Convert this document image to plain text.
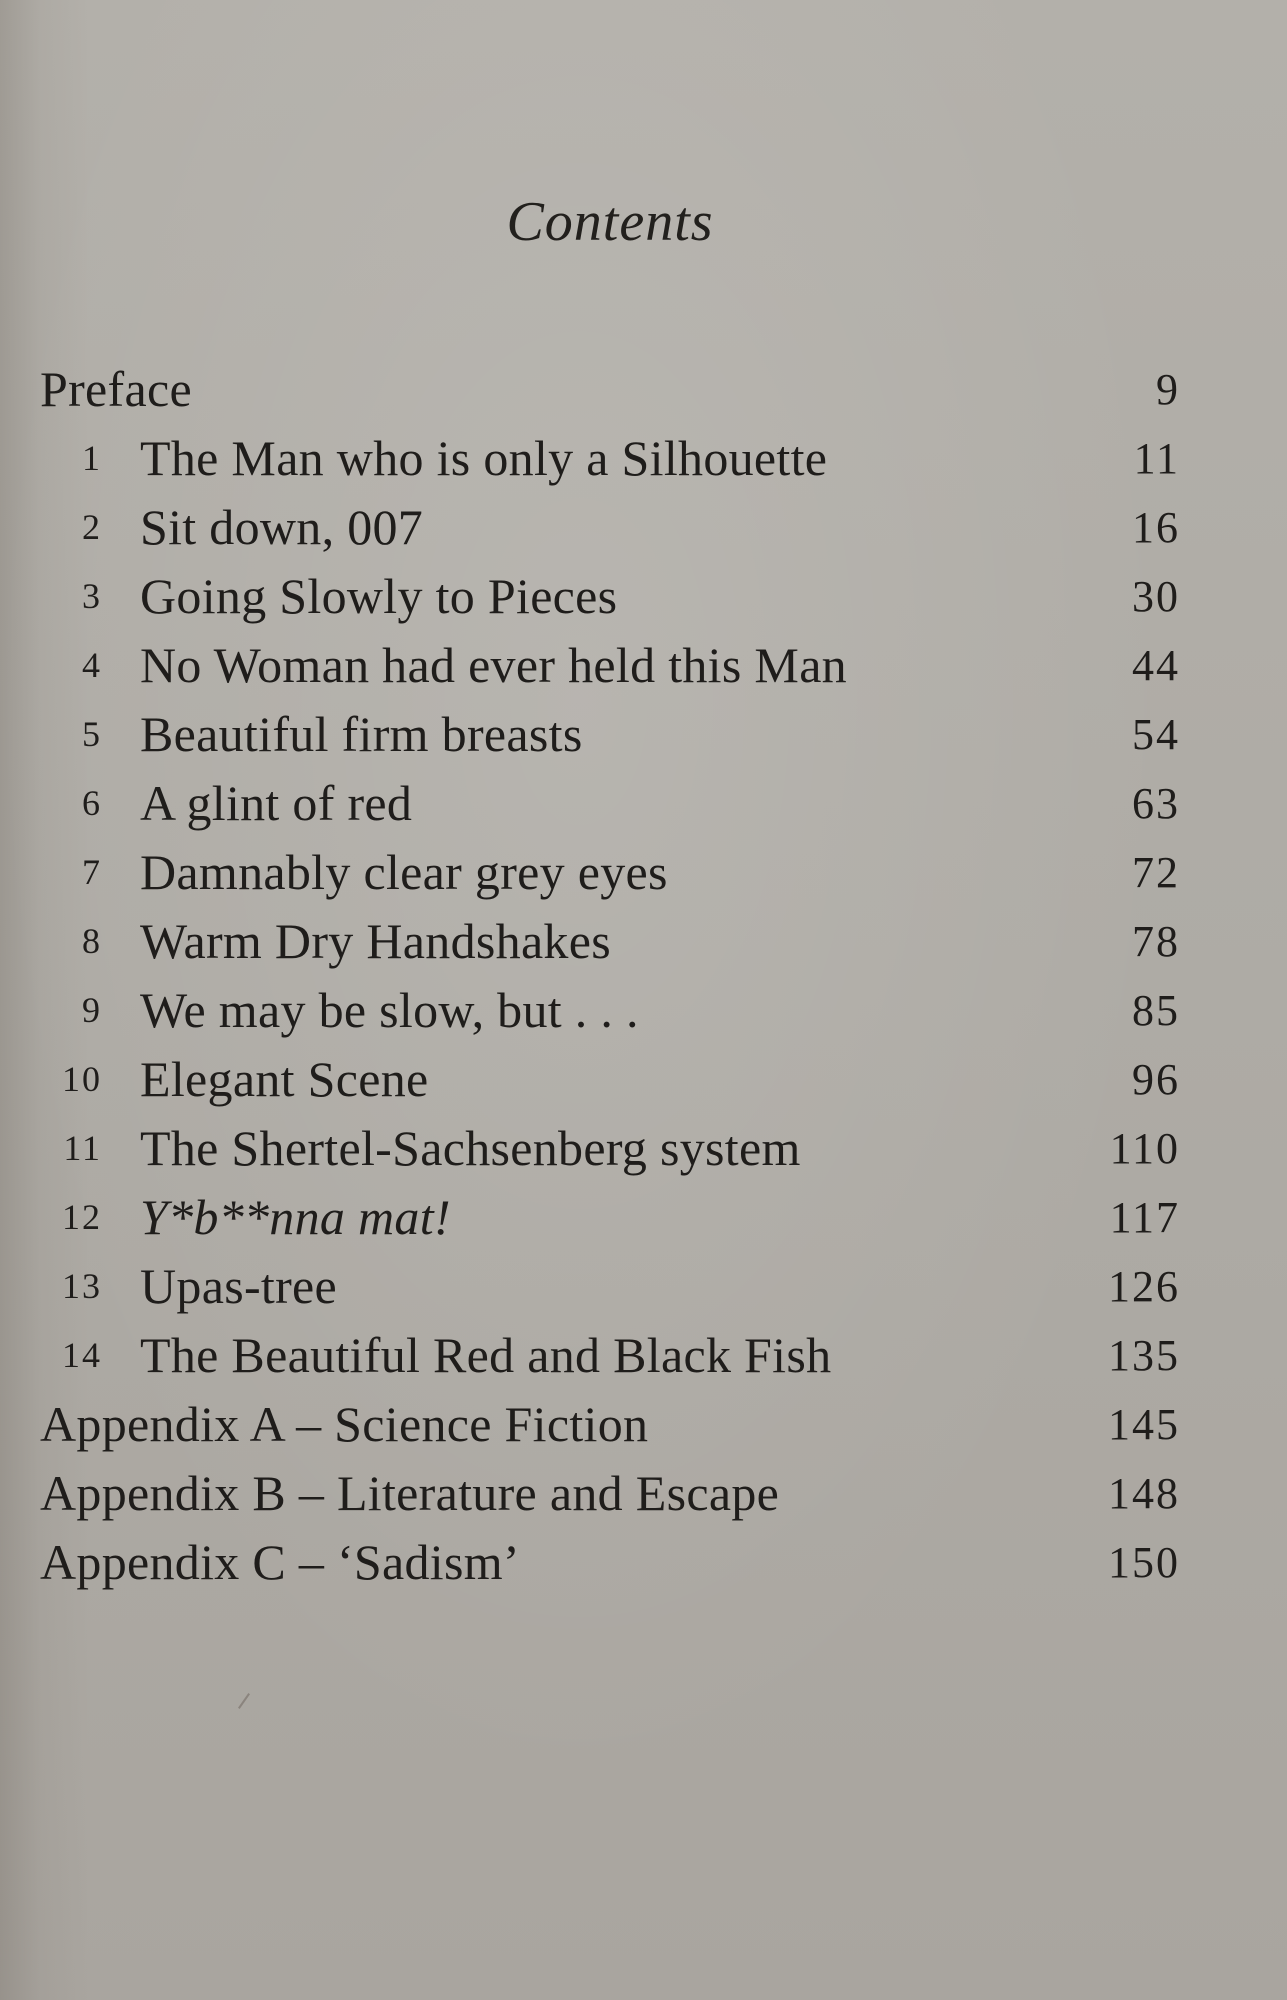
Contents
Preface	9
1 The Man who is only a Silhouette	11
2 Sit down, 007	16
3 Going Slowly to Pieces	30
4 No Woman had ever held this Man	44
5 Beautiful firm breasts	54
6 A glint of red	63
7 Damnably clear grey eyes	72
8 Warm Dry Handshakes	78
9 We may be slow, but . . .	85
10 Elegant Scene	96
11 The Shertel-Sachsenberg system	110
12 Y*b**nna mat!	117
13 Upas-tree	126
14 The Beautiful Red and Black Fish	135
Appendix A – Science Fiction	145
Appendix B – Literature and Escape	148
Appendix C – ‘Sadism’	150
